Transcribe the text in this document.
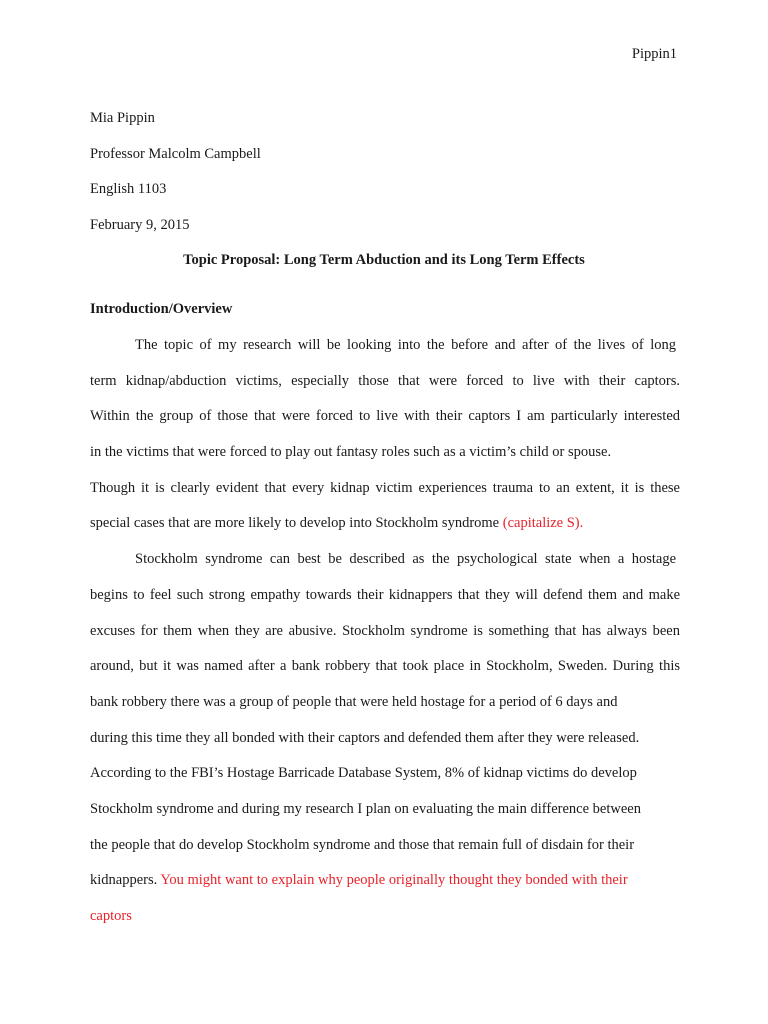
Pippin1
Mia Pippin
Professor Malcolm Campbell
English 1103
February 9, 2015
Topic Proposal: Long Term Abduction and its Long Term Effects
Introduction/Overview
The topic of my research will be looking into the before and after of the lives of long
term kidnap/abduction victims, especially those that were forced to live with their captors.
Within the group of those that were forced to live with their captors I am particularly interested
in the victims that were forced to play out fantasy roles such as a victim’s child or spouse.
Though it is clearly evident that every kidnap victim experiences trauma to an extent, it is these
special cases that are more likely to develop into Stockholm syndrome (capitalize S).
Stockholm syndrome can best be described as the psychological state when a hostage
begins to feel such strong empathy towards their kidnappers that they will defend them and make
excuses for them when they are abusive. Stockholm syndrome is something that has always been
around, but it was named after a bank robbery that took place in Stockholm, Sweden. During this
bank robbery there was a group of people that were held hostage for a period of 6 days and
during this time they all bonded with their captors and defended them after they were released.
According to the FBI’s Hostage Barricade Database System, 8% of kidnap victims do develop
Stockholm syndrome and during my research I plan on evaluating the main difference between
the people that do develop Stockholm syndrome and those that remain full of disdain for their
kidnappers. You might want to explain why people originally thought they bonded with their
captors
